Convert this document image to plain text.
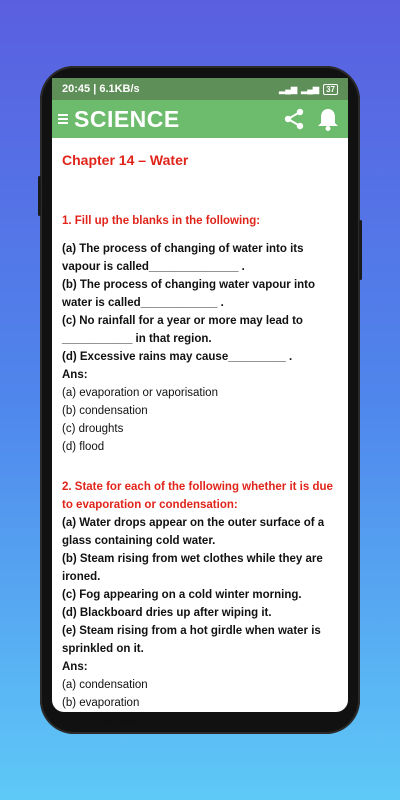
20:45 | 6.1KB/s	▂▄▆ ▂▄▆ 37
SCIENCE

Chapter 14 – Water

1. Fill up the blanks in the following:

(a) The process of changing of water into its

vapour is called______________ .

(b) The process of changing water vapour into

water is called____________ .

(c) No rainfall for a year or more may lead to

___________ in that region.

(d) Excessive rains may cause_________ .

Ans:

(a) evaporation or vaporisation

(b) condensation

(c) droughts

(d) flood

2. State for each of the following whether it is due

to evaporation or condensation:

(a) Water drops appear on the outer surface of a

glass containing cold water.

(b) Steam rising from wet clothes while they are

ironed.

(c) Fog appearing on a cold winter morning.

(d) Blackboard dries up after wiping it.

(e) Steam rising from a hot girdle when water is

sprinkled on it.

Ans:

(a) condensation

(b) evaporation

(c) condensation
